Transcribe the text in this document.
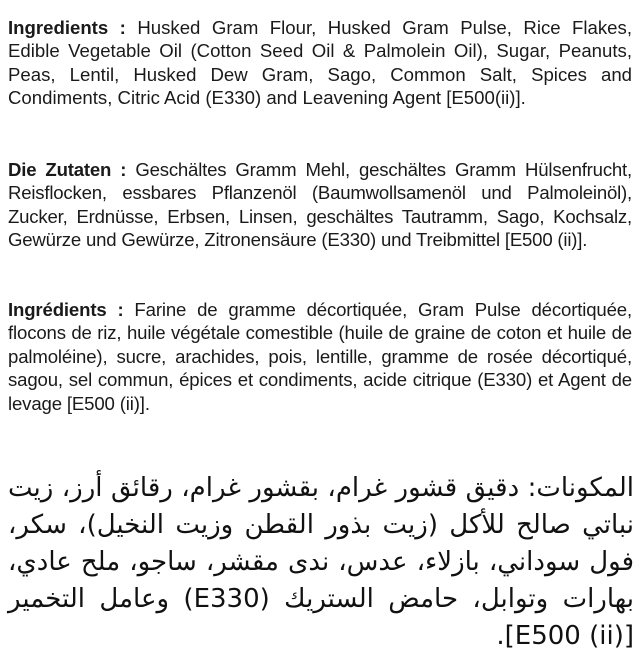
Ingredients : Husked Gram Flour, Husked Gram Pulse, Rice Flakes, Edible Vegetable Oil (Cotton Seed Oil & Palmolein Oil), Sugar, Peanuts, Peas, Lentil, Husked Dew Gram, Sago, Common Salt, Spices and Condiments, Citric Acid (E330) and Leavening Agent [E500(ii)].

Die Zutaten : Geschältes Gramm Mehl, geschältes Gramm Hülsenfrucht, Reisflocken, essbares Pflanzenöl (Baumwollsamenöl und Palmoleinöl), Zucker, Erdnüsse, Erbsen, Linsen, geschältes Tautramm, Sago, Kochsalz, Gewürze und Gewürze, Zitronensäure (E330) und Treibmittel [E500 (ii)].

Ingrédients : Farine de gramme décortiquée, Gram Pulse décortiquée, flocons de riz, huile végétale comestible (huile de graine de coton et huile de palmoléine), sucre, arachides, pois, lentille, gramme de rosée décortiqué, sagou, sel commun, épices et condiments, acide citrique (E330) et Agent de levage [E500 (ii)].

المكونات: دقيق قشور غرام، بقشور غرام، رقائق أرز، زيت نباتي صالح للأكل (زيت بذور القطن وزيت النخيل)، سكر، فول سوداني، بازلاء، عدس، ندى مقشر، ساجو، ملح عادي، بهارات وتوابل، حامض الستريك (E330) وعامل التخمير [E500 (ii)].
